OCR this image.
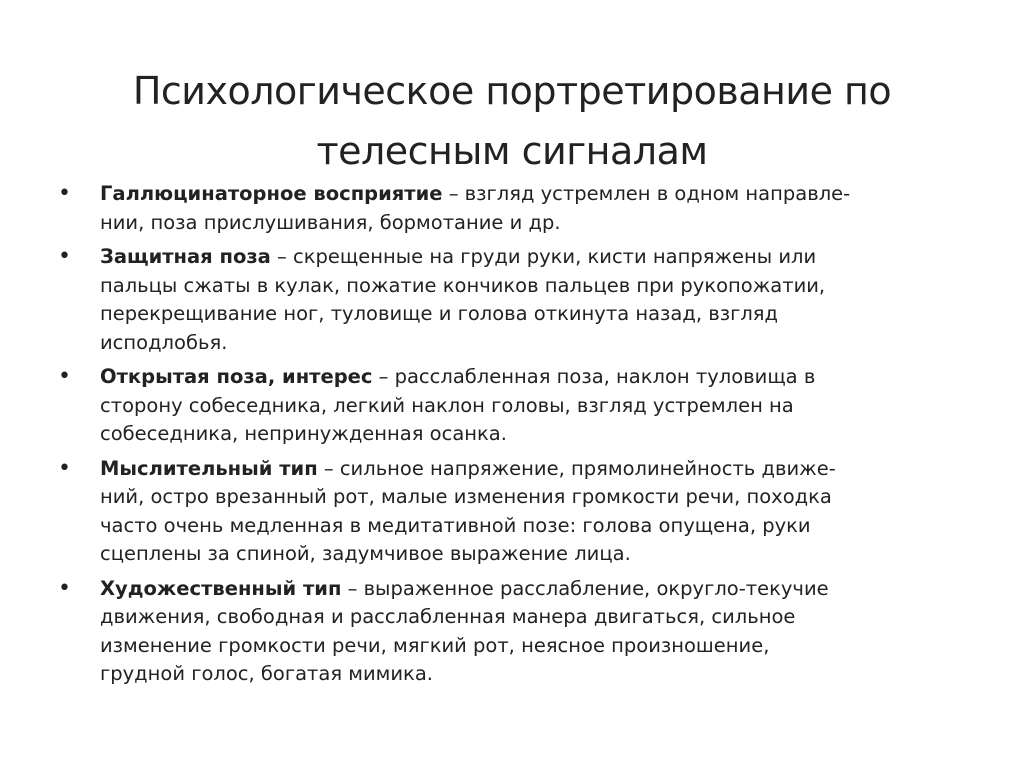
Психологическое портретирование по
телесным сигналам
• Галлюцинаторное восприятие – взгляд устремлен в одном направле-
нии, поза прислушивания, бормотание и др.
• Защитная поза – скрещенные на груди руки, кисти напряжены или
пальцы сжаты в кулак, пожатие кончиков пальцев при рукопожатии,
перекрещивание ног, туловище и голова откинута назад, взгляд
исподлобья.
• Открытая поза, интерес – расслабленная поза, наклон туловища в
сторону собеседника, легкий наклон головы, взгляд устремлен на
собеседника, непринужденная осанка.
• Мыслительный тип – сильное напряжение, прямолинейность движе-
ний, остро врезанный рот, малые изменения громкости речи, походка
часто очень медленная в медитативной позе: голова опущена, руки
сцеплены за спиной, задумчивое выражение лица.
• Художественный тип – выраженное расслабление, округло-текучие
движения, свободная и расслабленная манера двигаться, сильное
изменение громкости речи, мягкий рот, неясное произношение,
грудной голос, богатая мимика.
